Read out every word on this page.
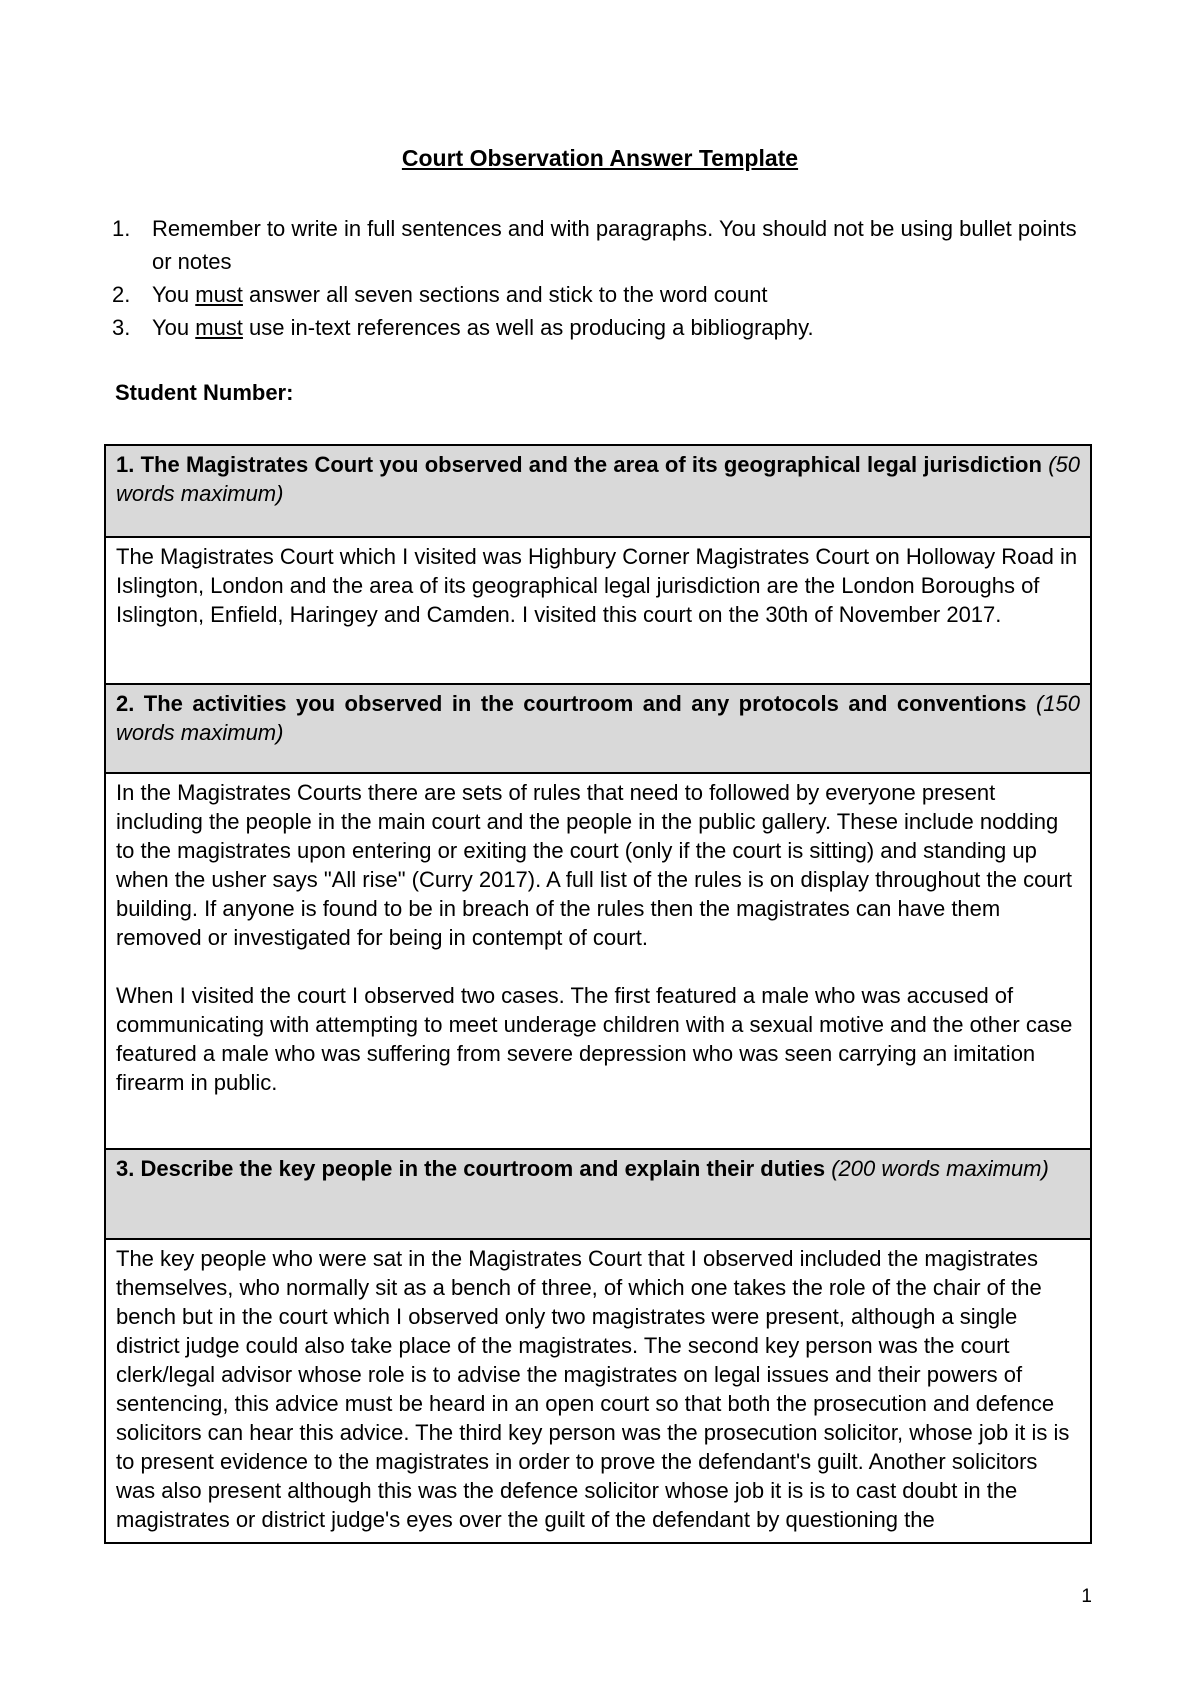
Court Observation Answer Template
1. Remember to write in full sentences and with paragraphs. You should not be using bullet points or notes
2. You must answer all seven sections and stick to the word count
3. You must use in-text references as well as producing a bibliography.

Student Number:

1. The Magistrates Court you observed and the area of its geographical legal jurisdiction (50 words maximum)

The Magistrates Court which I visited was Highbury Corner Magistrates Court on Holloway Road in Islington, London and the area of its geographical legal jurisdiction are the London Boroughs of Islington, Enfield, Haringey and Camden. I visited this court on the 30th of November 2017.

2. The activities you observed in the courtroom and any protocols and conventions (150 words maximum)

In the Magistrates Courts there are sets of rules that need to followed by everyone present including the people in the main court and the people in the public gallery. These include nodding to the magistrates upon entering or exiting the court (only if the court is sitting) and standing up when the usher says "All rise" (Curry 2017). A full list of the rules is on display throughout the court building. If anyone is found to be in breach of the rules then the magistrates can have them removed or investigated for being in contempt of court.

When I visited the court I observed two cases. The first featured a male who was accused of communicating with attempting to meet underage children with a sexual motive and the other case featured a male who was suffering from severe depression who was seen carrying an imitation firearm in public.

3. Describe the key people in the courtroom and explain their duties (200 words maximum)

The key people who were sat in the Magistrates Court that I observed included the magistrates themselves, who normally sit as a bench of three, of which one takes the role of the chair of the bench but in the court which I observed only two magistrates were present, although a single district judge could also take place of the magistrates. The second key person was the court clerk/legal advisor whose role is to advise the magistrates on legal issues and their powers of sentencing, this advice must be heard in an open court so that both the prosecution and defence solicitors can hear this advice. The third key person was the prosecution solicitor, whose job it is is to present evidence to the magistrates in order to prove the defendant's guilt. Another solicitors was also present although this was the defence solicitor whose job it is is to cast doubt in the magistrates or district judge's eyes over the guilt of the defendant by questioning the

1
